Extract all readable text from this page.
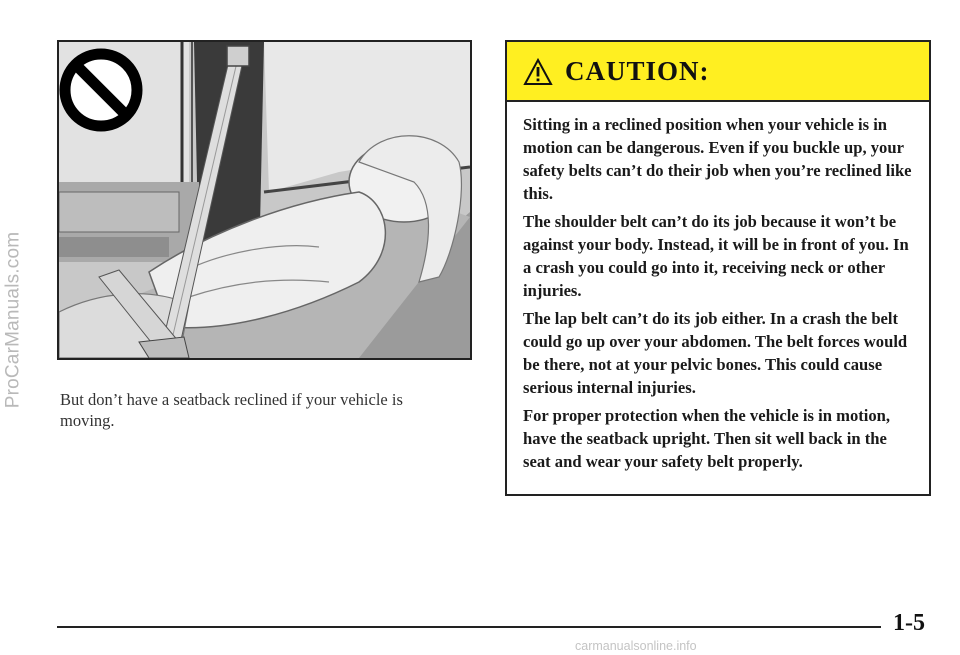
ProCarManuals.com But don’t have a seatback reclined if your vehicle is moving.
CAUTION:

Sitting in a reclined position when your vehicle is in motion can be dangerous. Even if you buckle up, your safety belts can’t do their job when you’re reclined like this.

The shoulder belt can’t do its job because it won’t be against your body. Instead, it will be in front of you. In a crash you could go into it, receiving neck or other injuries.

The lap belt can’t do its job either. In a crash the belt could go up over your abdomen. The belt forces would be there, not at your pelvic bones. This could cause serious internal injuries.

For proper protection when the vehicle is in motion, have the seatback upright. Then sit well back in the seat and wear your safety belt properly.

1-5
carmanualsonline.info
